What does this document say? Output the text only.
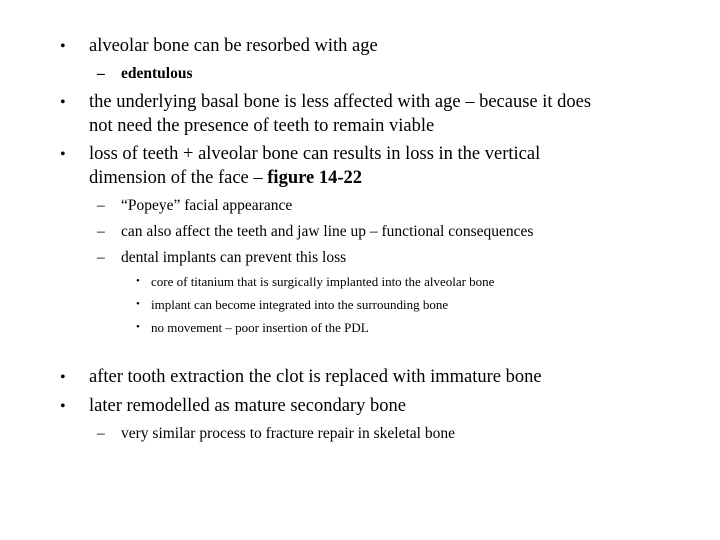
• alveolar bone can be resorbed with age
– edentulous
• the underlying basal bone is less affected with age – because it does
not need the presence of teeth to remain viable
• loss of teeth + alveolar bone can results in loss in the vertical
dimension of the face – figure 14-22
– “Popeye” facial appearance
– can also affect the teeth and jaw line up – functional consequences
– dental implants can prevent this loss
• core of titanium that is surgically implanted into the alveolar bone
• implant can become integrated into the surrounding bone
• no movement – poor insertion of the PDL
• after tooth extraction the clot is replaced with immature bone
• later remodelled as mature secondary bone
– very similar process to fracture repair in skeletal bone
